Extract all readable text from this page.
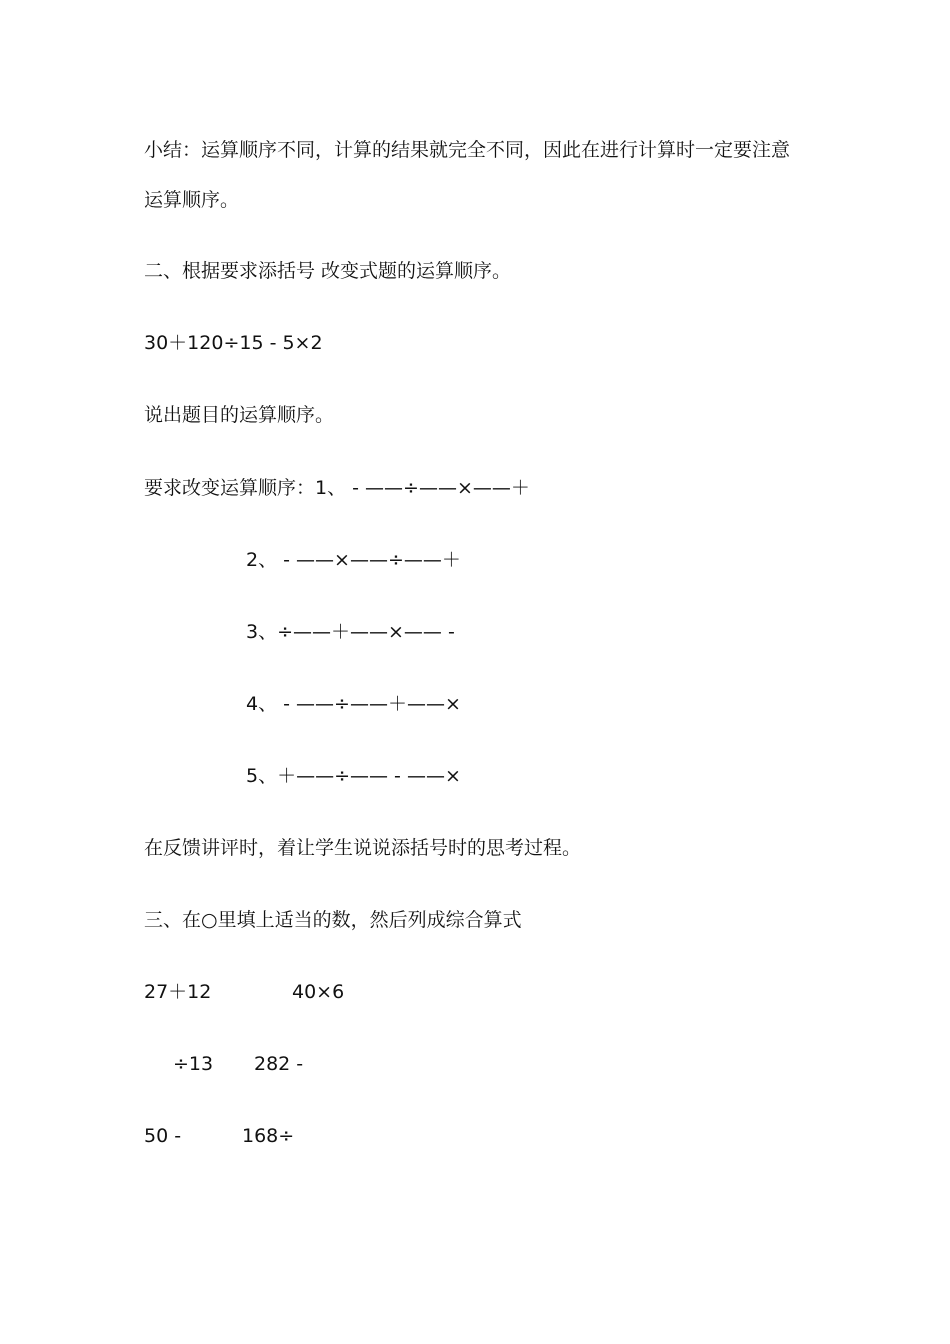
小结：运算顺序不同，计算的结果就完全不同，因此在进行计算时一定要注意
运算顺序。
二、根据要求添括号 改变式题的运算顺序。
30＋120÷15 - 5×2
说出题目的运算顺序。
要求改变运算顺序：1、 - ——÷——×——＋
2、 - ——×——÷——＋
3、÷——＋——×—— -
4、 - ——÷——＋——×
5、＋——÷—— - ——×
在反馈讲评时，着让学生说说添括号时的思考过程。
三、在○里填上适当的数，然后列成综合算式
27＋12	40×6
÷13 282 -
50 -	168÷
